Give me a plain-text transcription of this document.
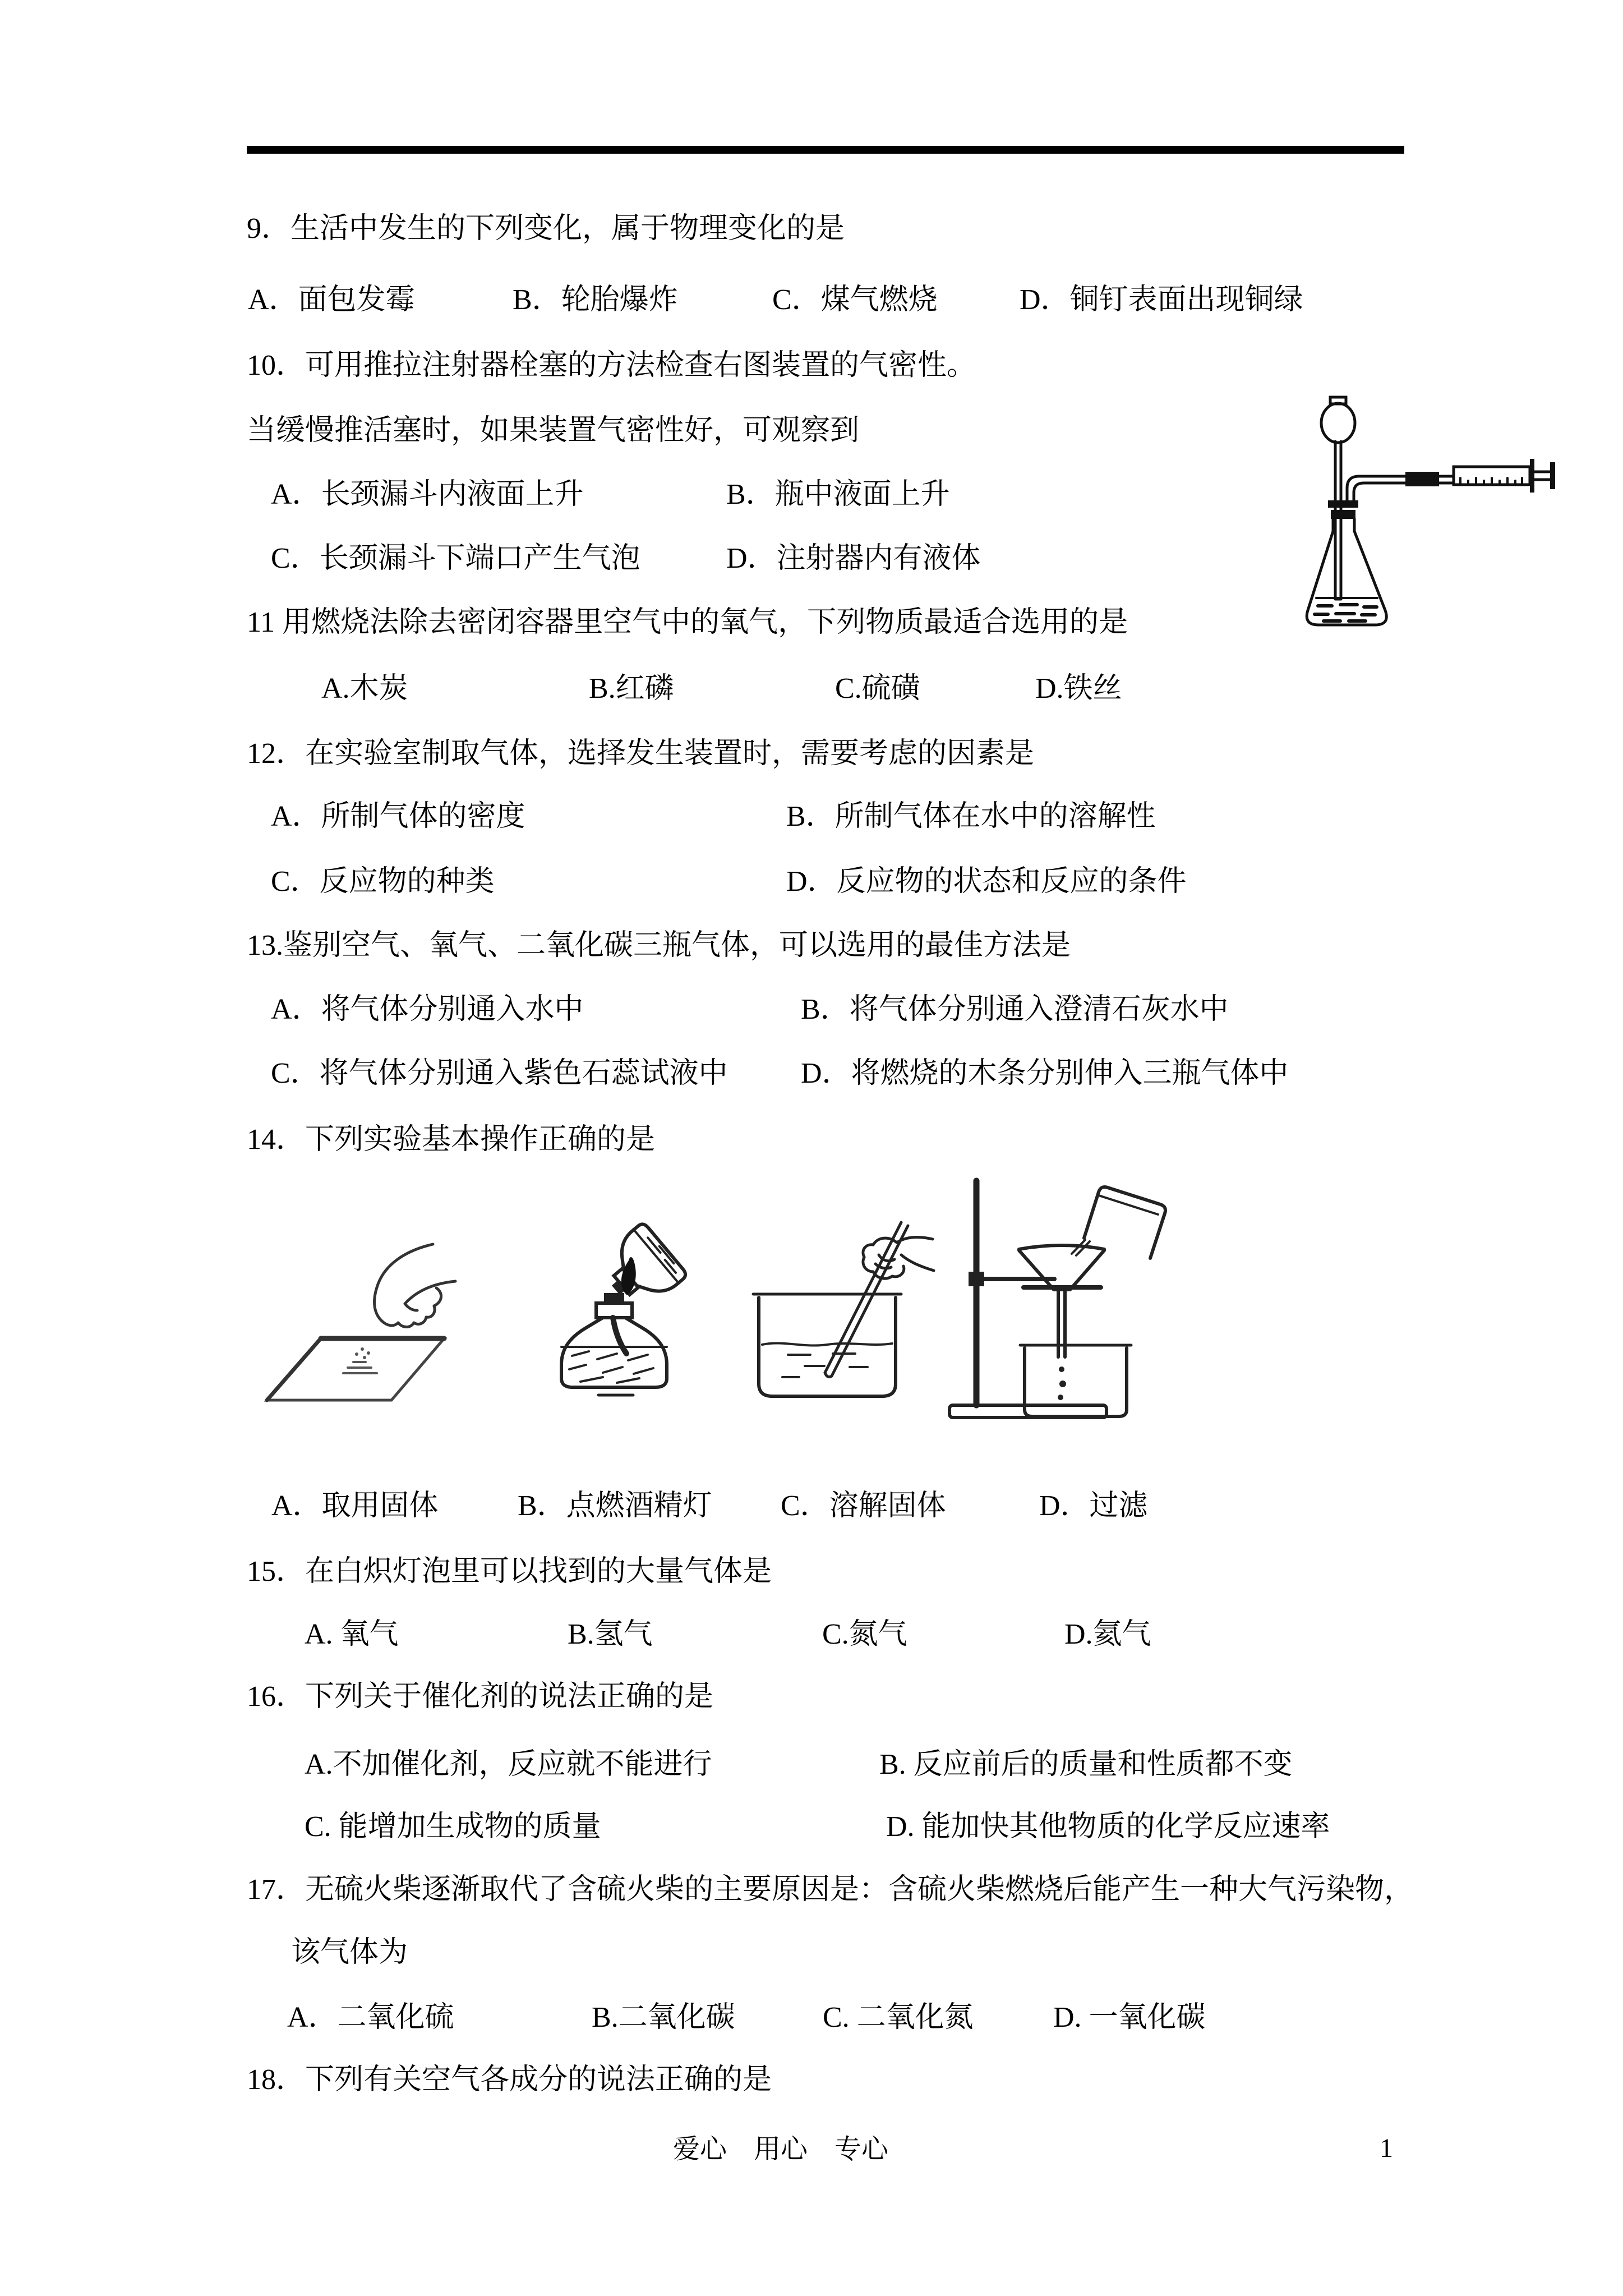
9．生活中发生的下列变化，属于物理变化的是
A．面包发霉	B．轮胎爆炸	C．煤气燃烧	D．铜钉表面出现铜绿
10．可用推拉注射器栓塞的方法检查右图装置的气密性。
当缓慢推活塞时，如果装置气密性好，可观察到
A．长颈漏斗内液面上升	B．瓶中液面上升
C．长颈漏斗下端口产生气泡	D．注射器内有液体
11 用燃烧法除去密闭容器里空气中的氧气，下列物质最适合选用的是
A.木炭	B.红磷	C.硫磺	D.铁丝
12．在实验室制取气体，选择发生装置时，需要考虑的因素是
A．所制气体的密度	B．所制气体在水中的溶解性
C．反应物的种类	D．反应物的状态和反应的条件
13.鉴别空气、氧气、二氧化碳三瓶气体，可以选用的最佳方法是
A．将气体分别通入水中	B．将气体分别通入澄清石灰水中
C．将气体分别通入紫色石蕊试液中	D．将燃烧的木条分别伸入三瓶气体中
14．下列实验基本操作正确的是
A．取用固体	B．点燃酒精灯 C．溶解固体	D．过滤
15．在白炽灯泡里可以找到的大量气体是
A. 氧气	B.氢气	C.氮气	D.氦气
16．下列关于催化剂的说法正确的是
A.不加催化剂，反应就不能进行	B. 反应前后的质量和性质都不变
C. 能增加生成物的质量	D. 能加快其他物质的化学反应速率
17．无硫火柴逐渐取代了含硫火柴的主要原因是：含硫火柴燃烧后能产生一种大气污染物，
该气体为
A．二氧化硫	B.二氧化碳	C. 二氧化氮	D. 一氧化碳
18．下列有关空气各成分的说法正确的是
爱心　用心　专心	1
